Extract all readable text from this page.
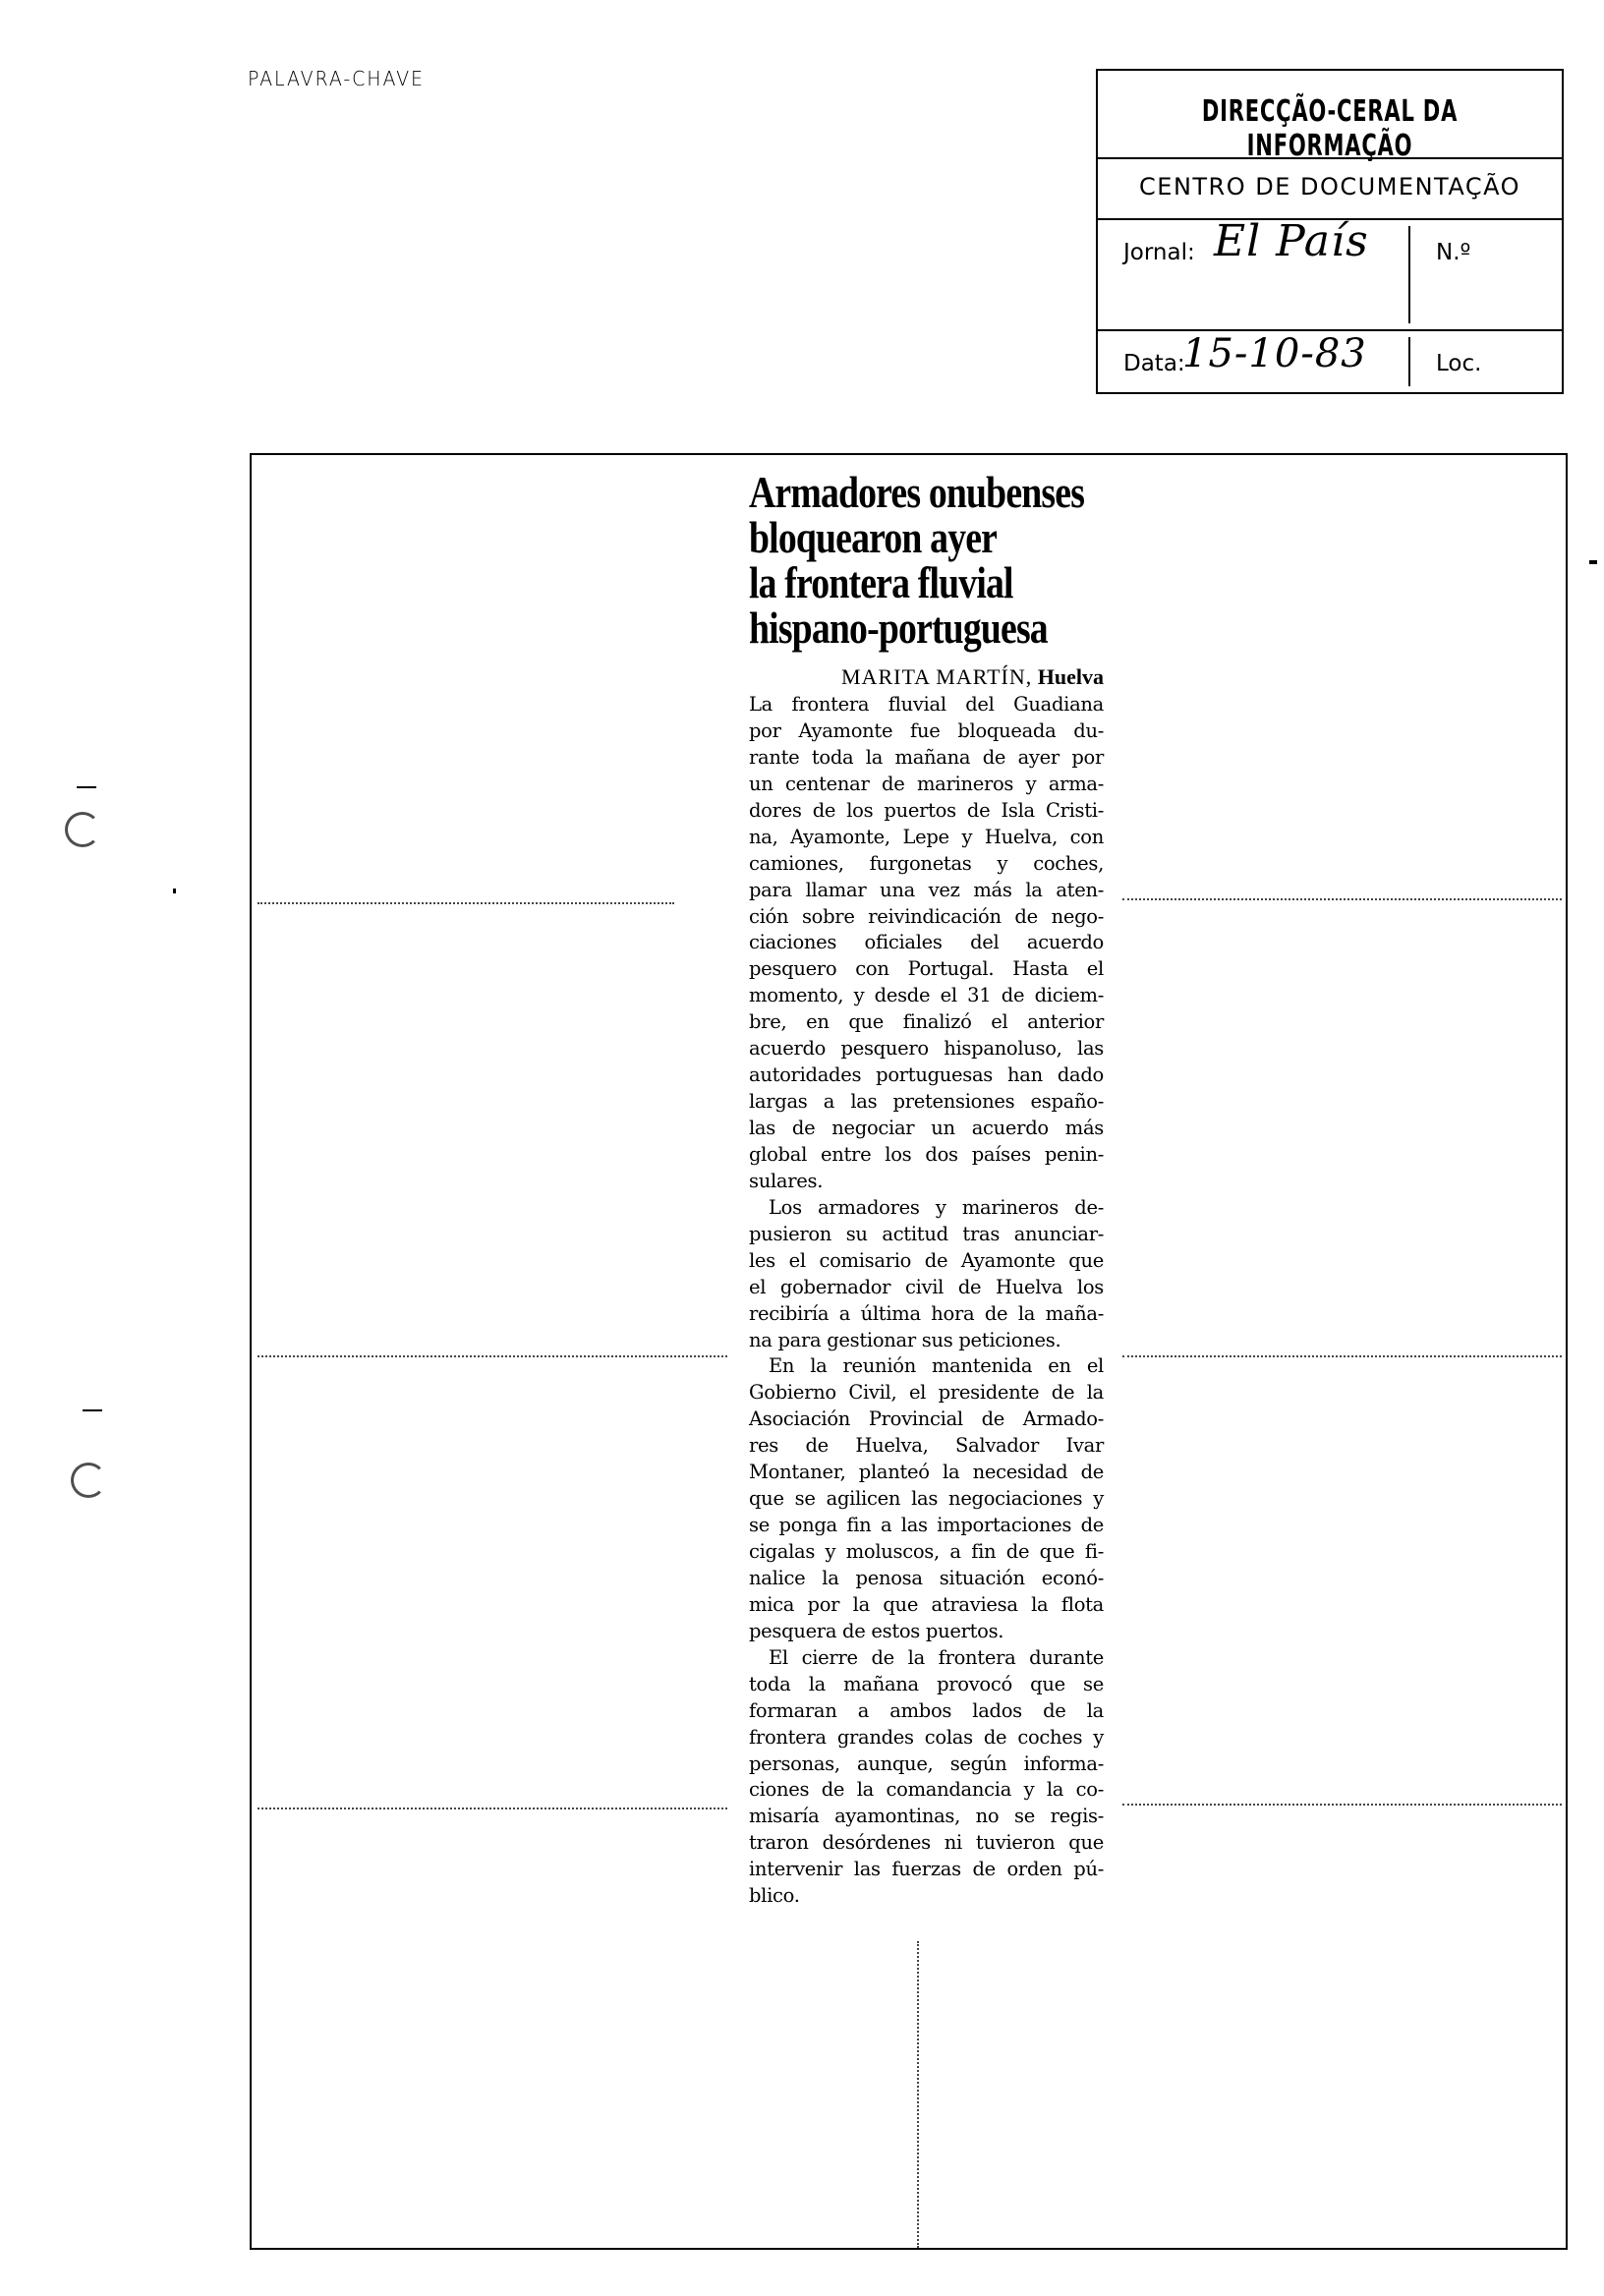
PALAVRA-CHAVE
DIRECÇÃO-CERAL DA INFORMAÇÃO
CENTRO DE DOCUMENTAÇÃO
Jornal: El País	N.º
Data:
15-10-83	Loc.
Armadores onubenses
bloquearon ayer
la frontera fluvial
hispano-portuguesa
MARITA MARTÍN, Huelva
La frontera fluvial del Guadiana
por Ayamonte fue bloqueada du-
rante toda la mañana de ayer por
un centenar de marineros y arma-
dores de los puertos de Isla Cristi-
na, Ayamonte, Lepe y Huelva, con
camiones, furgonetas y coches,
para llamar una vez más la aten-
ción sobre reivindicación de nego-
ciaciones oficiales del acuerdo
pesquero con Portugal. Hasta el
momento, y desde el 31 de diciem-
bre, en que finalizó el anterior
acuerdo pesquero hispanoluso, las
autoridades portuguesas han dado
largas a las pretensiones españo-
las de negociar un acuerdo más
global entre los dos países penin-
sulares.
Los armadores y marineros de-
pusieron su actitud tras anunciar-
les el comisario de Ayamonte que
el gobernador civil de Huelva los
recibiría a última hora de la maña-
na para gestionar sus peticiones.
En la reunión mantenida en el
Gobierno Civil, el presidente de la
Asociación Provincial de Armado-
res de Huelva, Salvador Ivar
Montaner, planteó la necesidad de
que se agilicen las negociaciones y
se ponga fin a las importaciones de
cigalas y moluscos, a fin de que fi-
nalice la penosa situación econó-
mica por la que atraviesa la flota
pesquera de estos puertos.
El cierre de la frontera durante
toda la mañana provocó que se
formaran a ambos lados de la
frontera grandes colas de coches y
personas, aunque, según informa-
ciones de la comandancia y la co-
misaría ayamontinas, no se regis-
traron desórdenes ni tuvieron que
intervenir las fuerzas de orden pú-
blico.
